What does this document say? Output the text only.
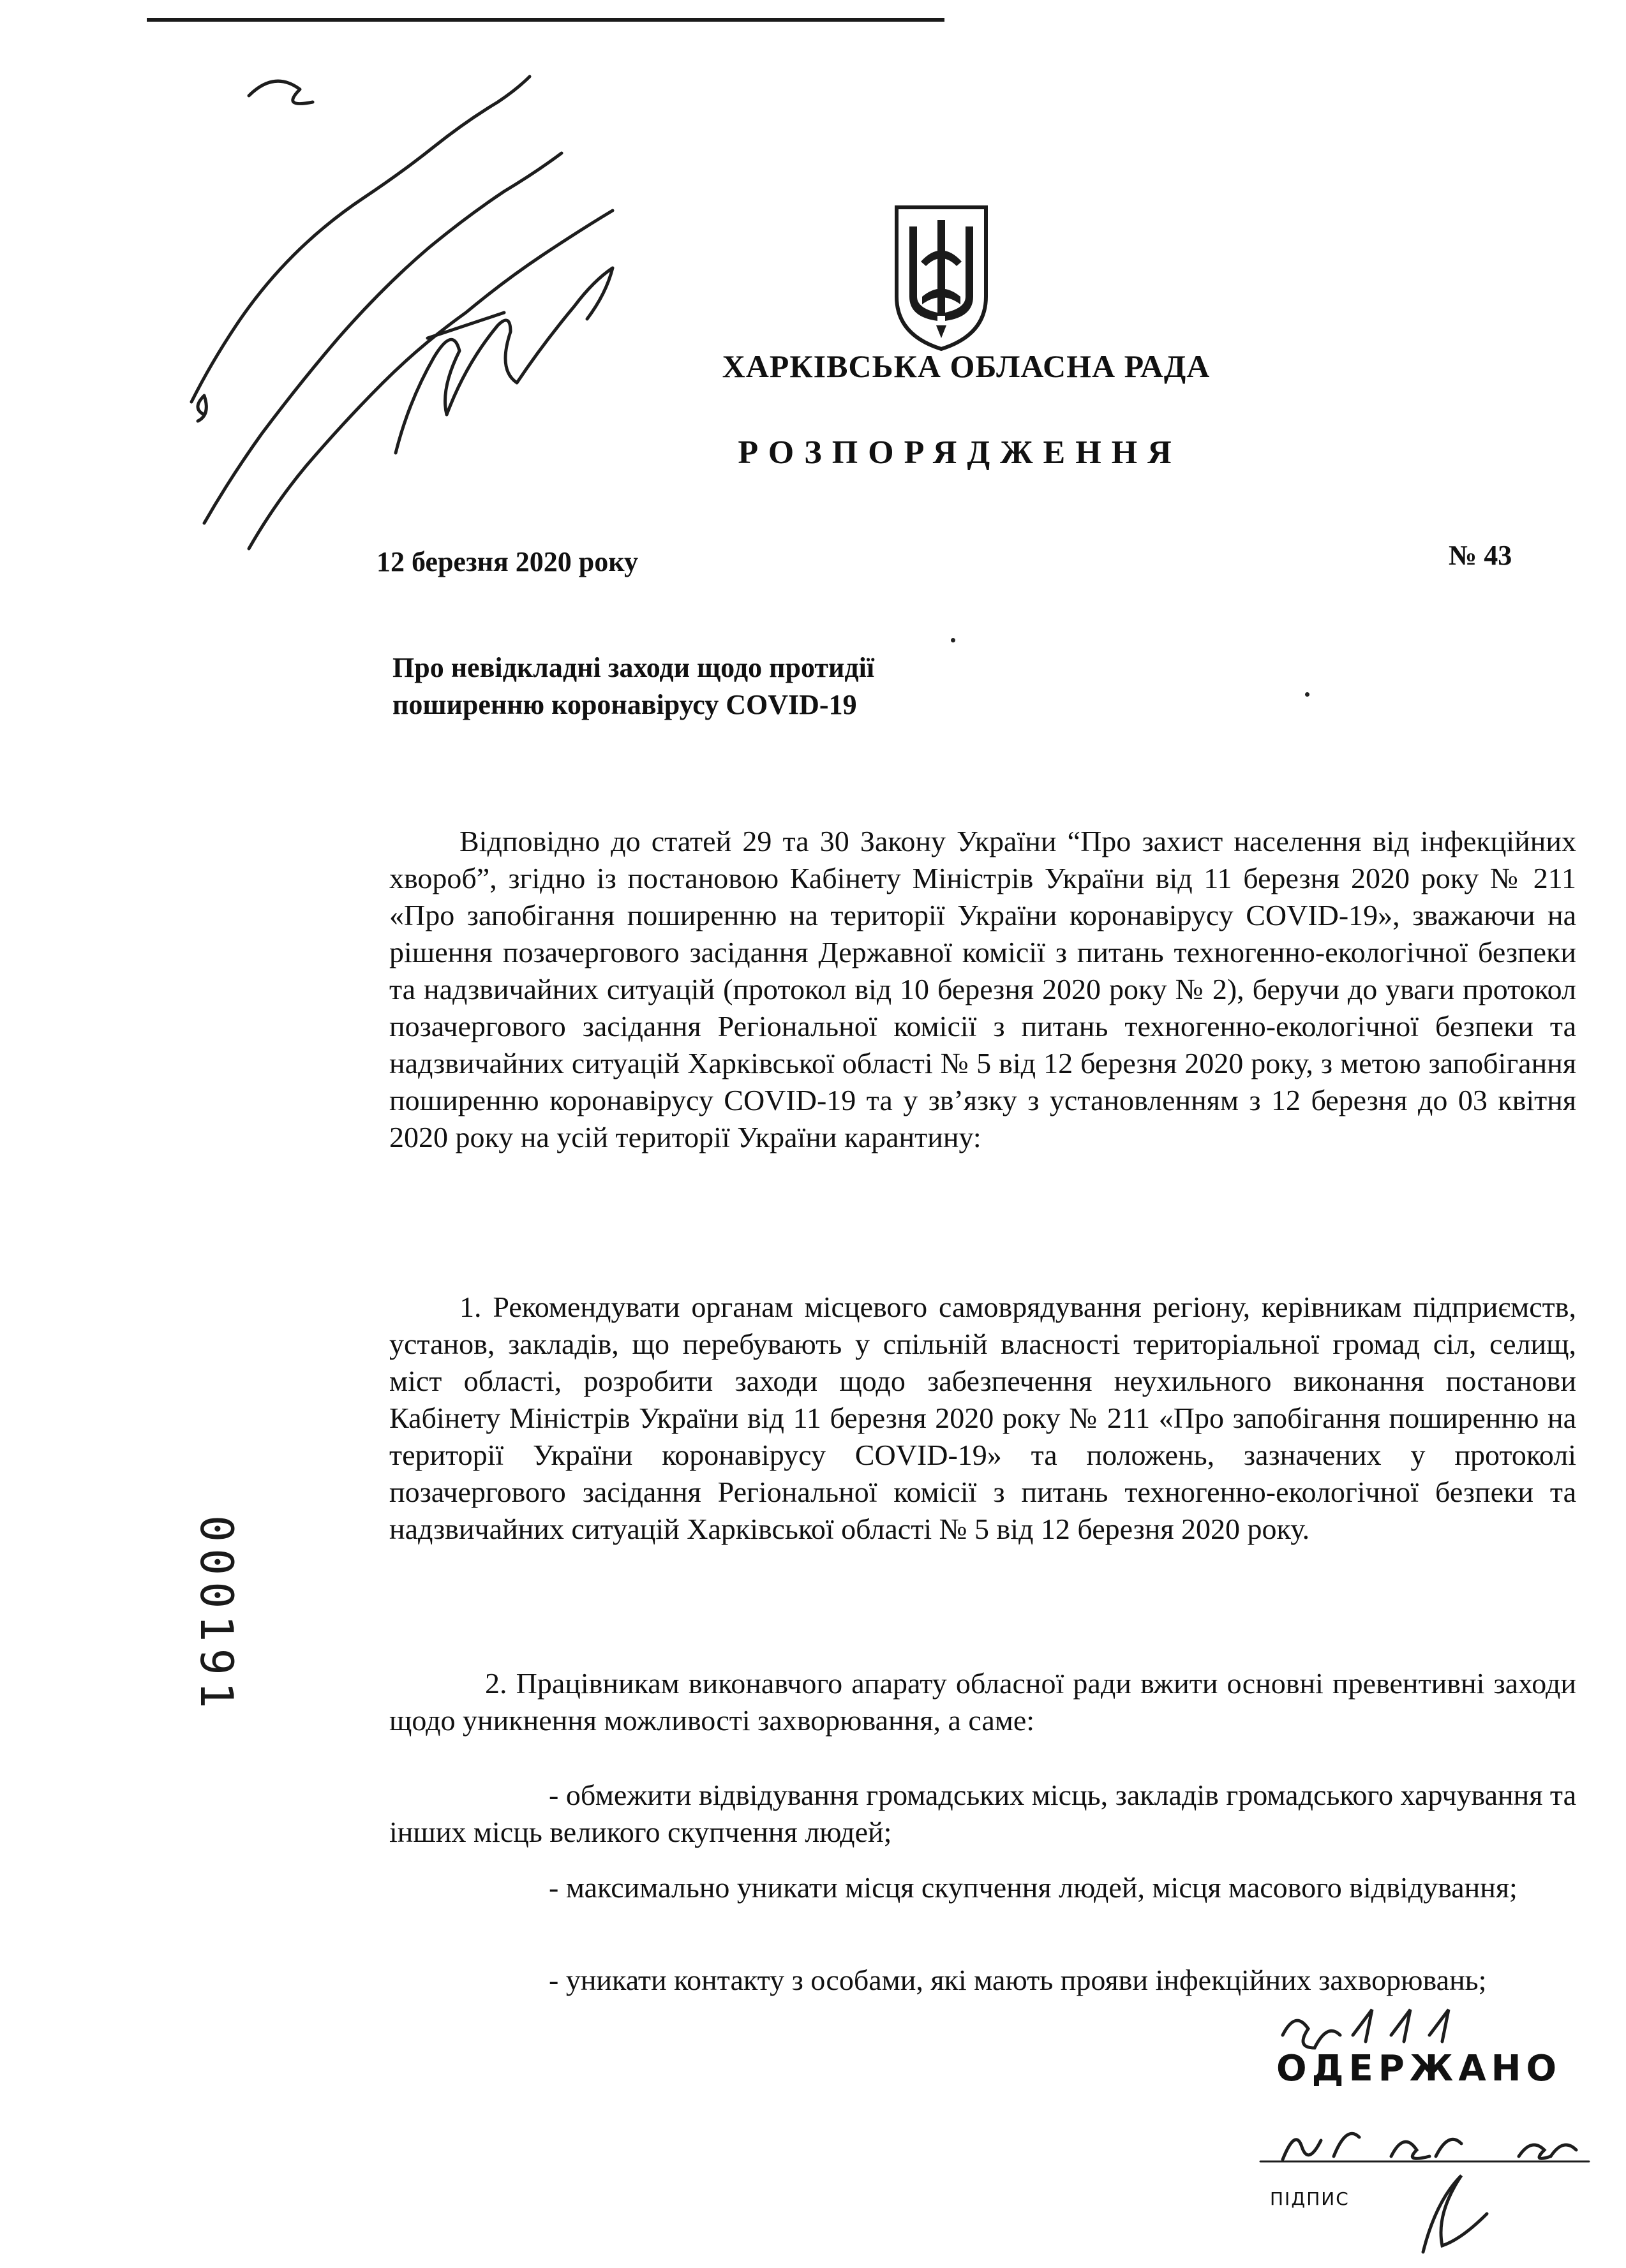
ХАРКІВСЬКА ОБЛАСНА РАДА
РОЗПОРЯДЖЕННЯ
12 березня 2020 року	№ 43
Про невідкладні заходи щодо протидії
поширенню коронавірусу COVID-19
Відповідно до статей 29 та 30 Закону України “Про захист населення від інфекційних хвороб”, згідно із постановою Кабінету Міністрів України від 11 березня 2020 року № 211 «Про запобігання поширенню на території України коронавірусу COVID-19», зважаючи на рішення позачергового засідання Державної комісії з питань техногенно-екологічної безпеки та надзвичайних ситуацій (протокол від 10 березня 2020 року № 2), беручи до уваги протокол позачергового засідання Регіональної комісії з питань техногенно-екологічної безпеки та надзвичайних ситуацій Харківської області № 5 від 12 березня 2020 року, з метою запобігання поширенню коронавірусу COVID-19 та у зв’язку з установленням з 12 березня до 03 квітня 2020 року на усій території України карантину:
1. Рекомендувати органам місцевого самоврядування регіону, керівникам підприємств, установ, закладів, що перебувають у спільній власності територіальної громад сіл, селищ, міст області, розробити заходи щодо забезпечення неухильного виконання постанови Кабінету Міністрів України від 11 березня 2020 року № 211 «Про запобігання поширенню на території України коронавірусу COVID-19» та положень, зазначених у протоколі позачергового засідання Регіональної комісії з питань техногенно-екологічної безпеки та надзвичайних ситуацій Харківської області № 5 від 12 березня 2020 року.
2. Працівникам виконавчого апарату обласної ради вжити основні превентивні заходи щодо уникнення можливості захворювання, а саме:
- обмежити відвідування громадських місць, закладів громадського харчування та інших місць великого скупчення людей;
- максимально уникати місця скупчення людей, місця масового відвідування;
- уникати контакту з особами, які мають прояви інфекційних захворювань;
000191
ОДЕРЖАНО
ПІДПИС
